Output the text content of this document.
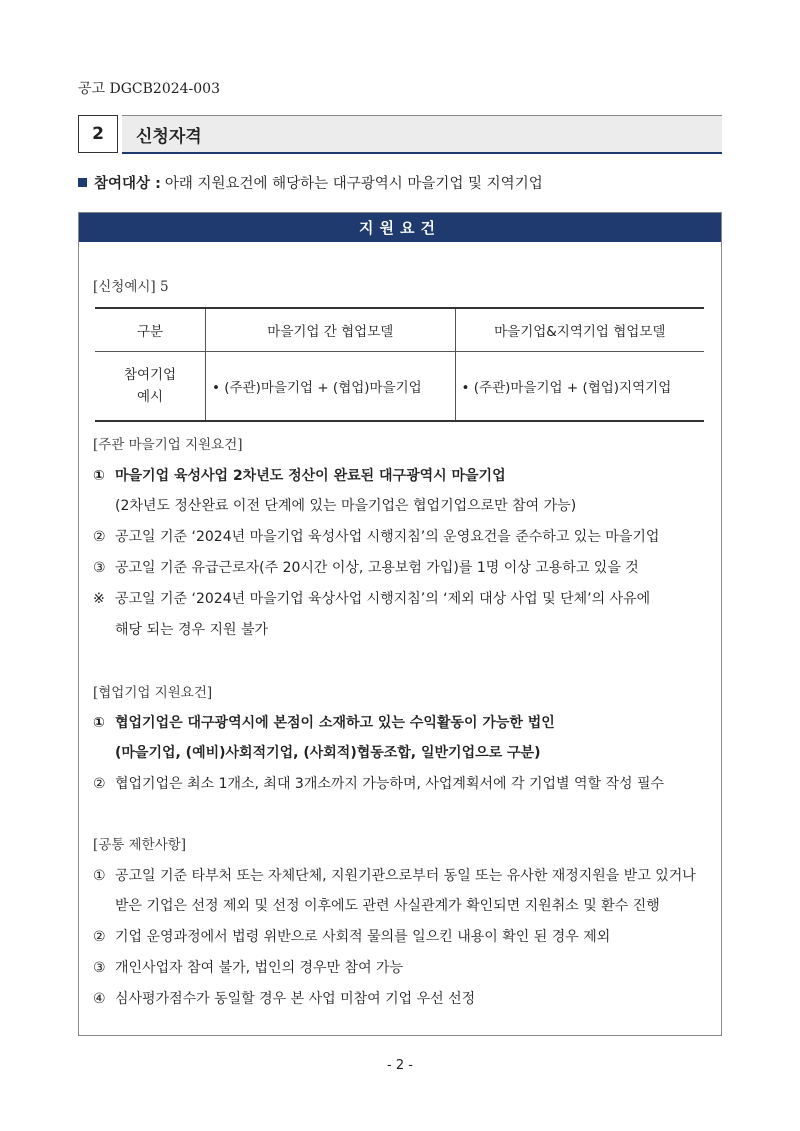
공고 DGCB2024-003
2	신청자격
참여대상 : 아래 지원요건에 해당하는 대구광역시 마을기업 및 지역기업
지원요건
[신청예시] 5
구분	마을기업 간 협업모델	마을기업&지역기업 협업모델
참여기업
예시	• (주관)마을기업 + (협업)마을기업	• (주관)마을기업 + (협업)지역기업
[주관 마을기업 지원요건]
① 마을기업 육성사업 2차년도 정산이 완료된 대구광역시 마을기업
(2차년도 정산완료 이전 단계에 있는 마을기업은 협업기업으로만 참여 가능)
② 공고일 기준 ‘2024년 마을기업 육성사업 시행지침’의 운영요건을 준수하고 있는 마을기업
③ 공고일 기준 유급근로자(주 20시간 이상, 고용보험 가입)를 1명 이상 고용하고 있을 것
※ 공고일 기준 ‘2024년 마을기업 육상사업 시행지침’의 ‘제외 대상 사업 및 단체’의 사유에
해당 되는 경우 지원 불가
[협업기업 지원요건]
① 협업기업은 대구광역시에 본점이 소재하고 있는 수익활동이 가능한 법인
(마을기업, (예비)사회적기업, (사회적)협동조합, 일반기업으로 구분)
② 협업기업은 최소 1개소, 최대 3개소까지 가능하며, 사업계획서에 각 기업별 역할 작성 필수
[공통 제한사항]
① 공고일 기준 타부처 또는 자체단체, 지원기관으로부터 동일 또는 유사한 재정지원을 받고 있거나
받은 기업은 선정 제외 및 선정 이후에도 관련 사실관계가 확인되면 지원취소 및 환수 진행
② 기업 운영과정에서 법령 위반으로 사회적 물의를 일으킨 내용이 확인 된 경우 제외
③ 개인사업자 참여 불가, 법인의 경우만 참여 가능
④ 심사평가점수가 동일할 경우 본 사업 미참여 기업 우선 선정
- 2 -
